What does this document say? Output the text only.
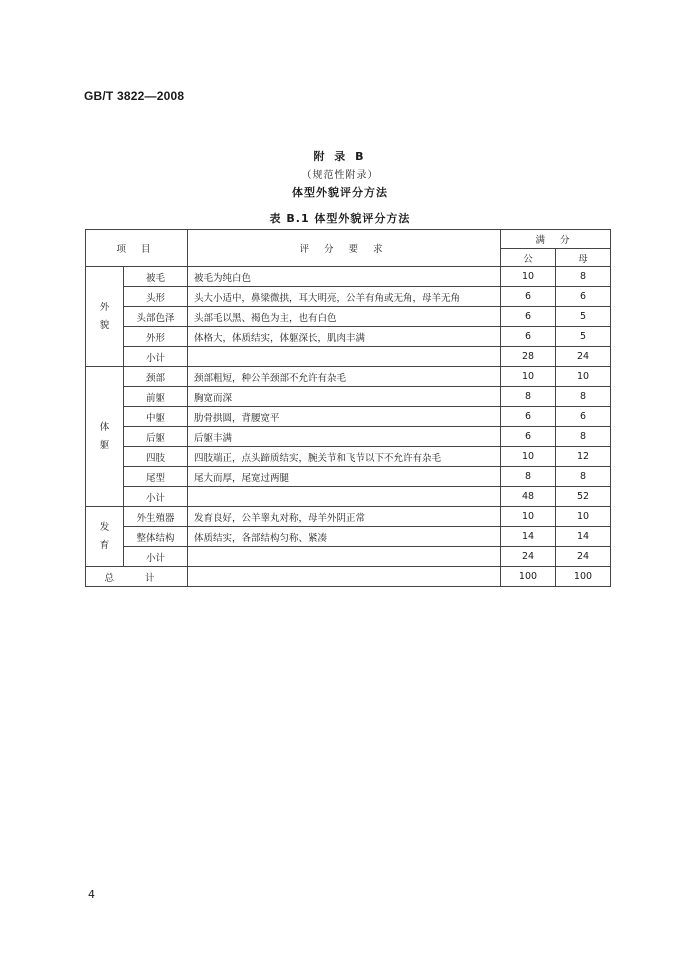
GB/T 3822—2008
附 录 B
（规范性附录）
体型外貌评分方法
表 B.1 体型外貌评分方法
项 目		评 分 要 求	满 分	
			公	母
外貌	被毛	被毛为纯白色	10	8
	头形	头大小适中，鼻梁微拱，耳大明亮，公羊有角或无角，母羊无角	6	6
	头部色泽	头部毛以黑、褐色为主，也有白色	6	5
	外形	体格大，体质结实，体躯深长，肌肉丰满	6	5
	小计		28	24
体躯	颈部	颈部粗短，种公羊颈部不允许有杂毛	10	10
	前躯	胸宽而深	8	8
	中躯	肋骨拱圆，背腰宽平	6	6
	后躯	后躯丰满	6	8
	四肢	四肢端正，点头蹄质结实，腕关节和飞节以下不允许有杂毛	10	12
	尾型	尾大而厚，尾宽过两腿	8	8
	小计		48	52
发育	外生殖器	发育良好，公羊睾丸对称，母羊外阴正常	10	10
	整体结构	体质结实，各部结构匀称、紧凑	14	14
	小计		24	24
总 计			100	100
4
